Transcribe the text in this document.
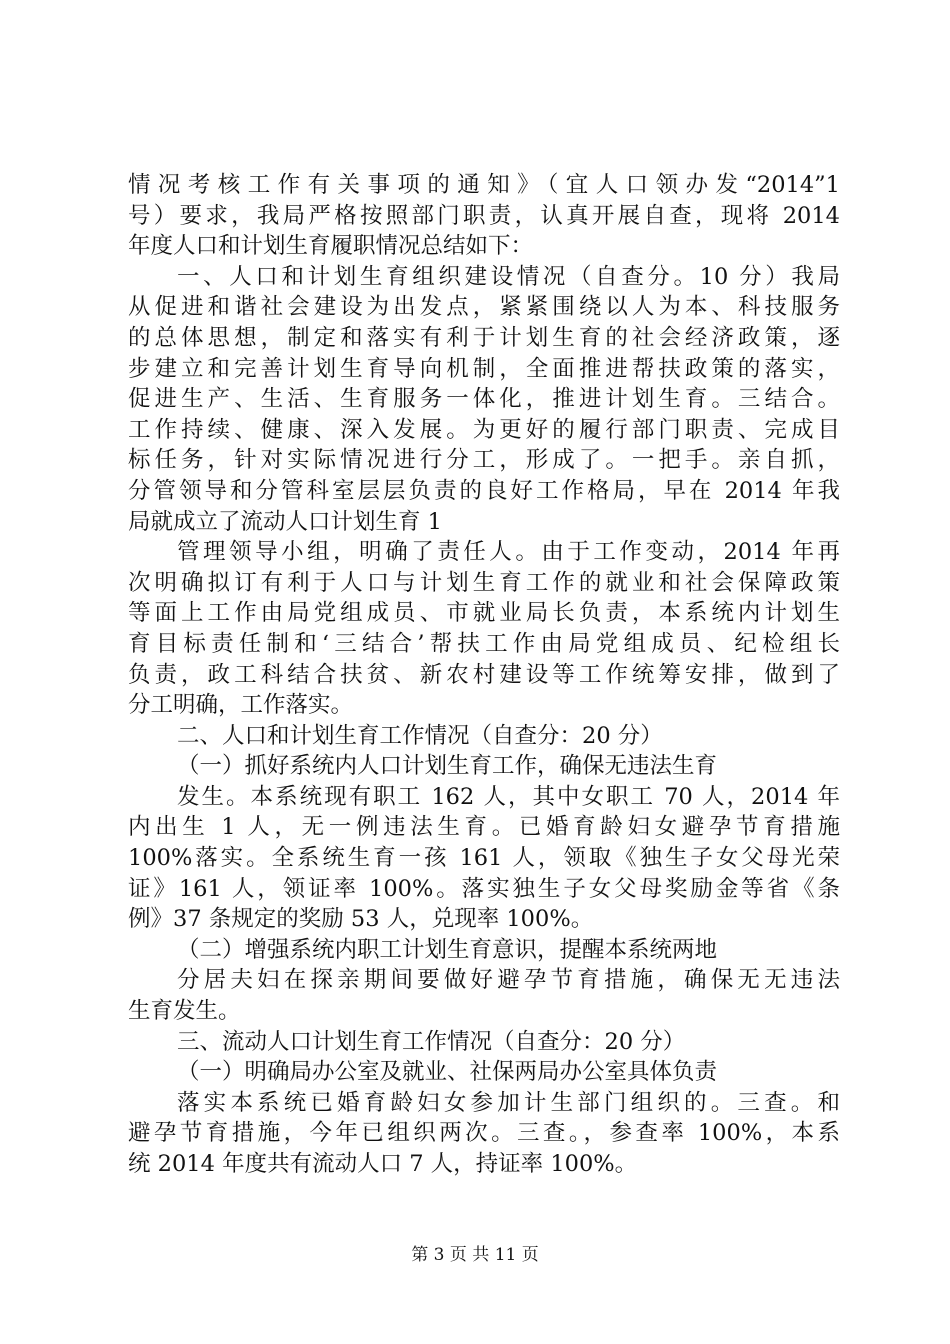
情况考核工作有关事项的通知》（宜人口领办发“2014”1
号）要求，我局严格按照部门职责，认真开展自查，现将 2014
年度人口和计划生育履职情况总结如下：
一、人口和计划生育组织建设情况（自查分。10 分）我局
从促进和谐社会建设为出发点，紧紧围绕以人为本、科技服务
的总体思想，制定和落实有利于计划生育的社会经济政策，逐
步建立和完善计划生育导向机制，全面推进帮扶政策的落实，
促进生产、生活、生育服务一体化，推进计划生育。三结合。
工作持续、健康、深入发展。为更好的履行部门职责、完成目
标任务，针对实际情况进行分工，形成了。一把手。亲自抓，
分管领导和分管科室层层负责的良好工作格局，早在 2014 年我
局就成立了流动人口计划生育 1
管理领导小组，明确了责任人。由于工作变动，2014 年再
次明确拟订有利于人口与计划生育工作的就业和社会保障政策
等面上工作由局党组成员、市就业局长负责，本系统内计划生
育目标责任制和‘三结合’帮扶工作由局党组成员、纪检组长
负责，政工科结合扶贫、新农村建设等工作统筹安排，做到了
分工明确，工作落实。
二、人口和计划生育工作情况（自查分：20 分）
（一）抓好系统内人口计划生育工作，确保无违法生育
发生。本系统现有职工 162 人，其中女职工 70 人，2014 年
内出生 1 人，无一例违法生育。已婚育龄妇女避孕节育措施
100%落实。全系统生育一孩 161 人，领取《独生子女父母光荣
证》161 人，领证率 100%。落实独生子女父母奖励金等省《条
例》37 条规定的奖励 53 人，兑现率 100%。
（二）增强系统内职工计划生育意识，提醒本系统两地
分居夫妇在探亲期间要做好避孕节育措施，确保无无违法
生育发生。
三、流动人口计划生育工作情况（自查分：20 分）
（一）明确局办公室及就业、社保两局办公室具体负责
落实本系统已婚育龄妇女参加计生部门组织的。三查。和
避孕节育措施，今年已组织两次。三查。，参查率 100%，本系
统 2014 年度共有流动人口 7 人，持证率 100%。
第 3 页 共 11 页
